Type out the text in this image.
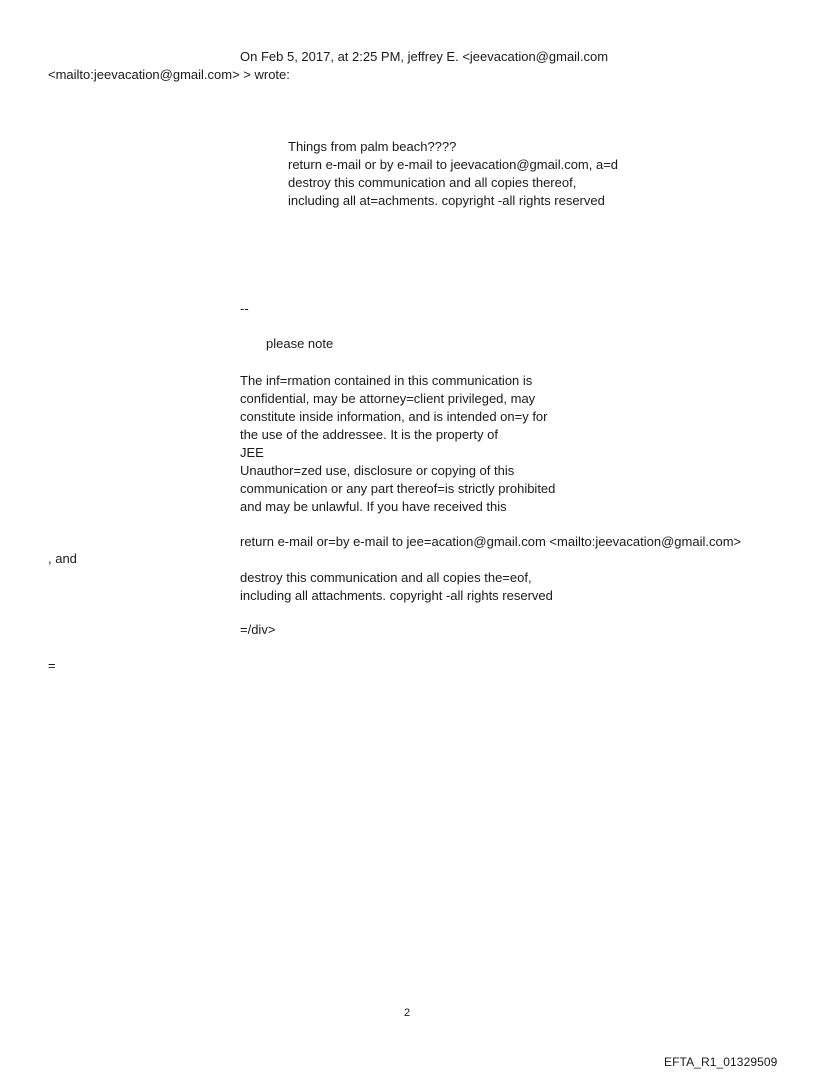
On Feb 5, 2017, at 2:25 PM, jeffrey E. <jeevacation@gmail.com

<mailto:jeevacation@gmail.com> > wrote:

Things from palm beach????
return e-mail or by e-mail to jeevacation@gmail.com, a=d
destroy this communication and all copies thereof,
including all at=achments. copyright -all rights reserved

--

please note

The inf=rmation contained in this communication is
confidential, may be attorney=client privileged, may
constitute inside information, and is intended on=y for
the use of the addressee. It is the property of
JEE
Unauthor=zed use, disclosure or copying of this
communication or any part thereof=is strictly prohibited
and may be unlawful. If you have received this

return e-mail or=by e-mail to jee=acation@gmail.com <mailto:jeevacation@gmail.com>

, and

destroy this communication and all copies the=eof,
including all attachments. copyright -all rights reserved

=/div>

=

2

EFTA_R1_01329509
